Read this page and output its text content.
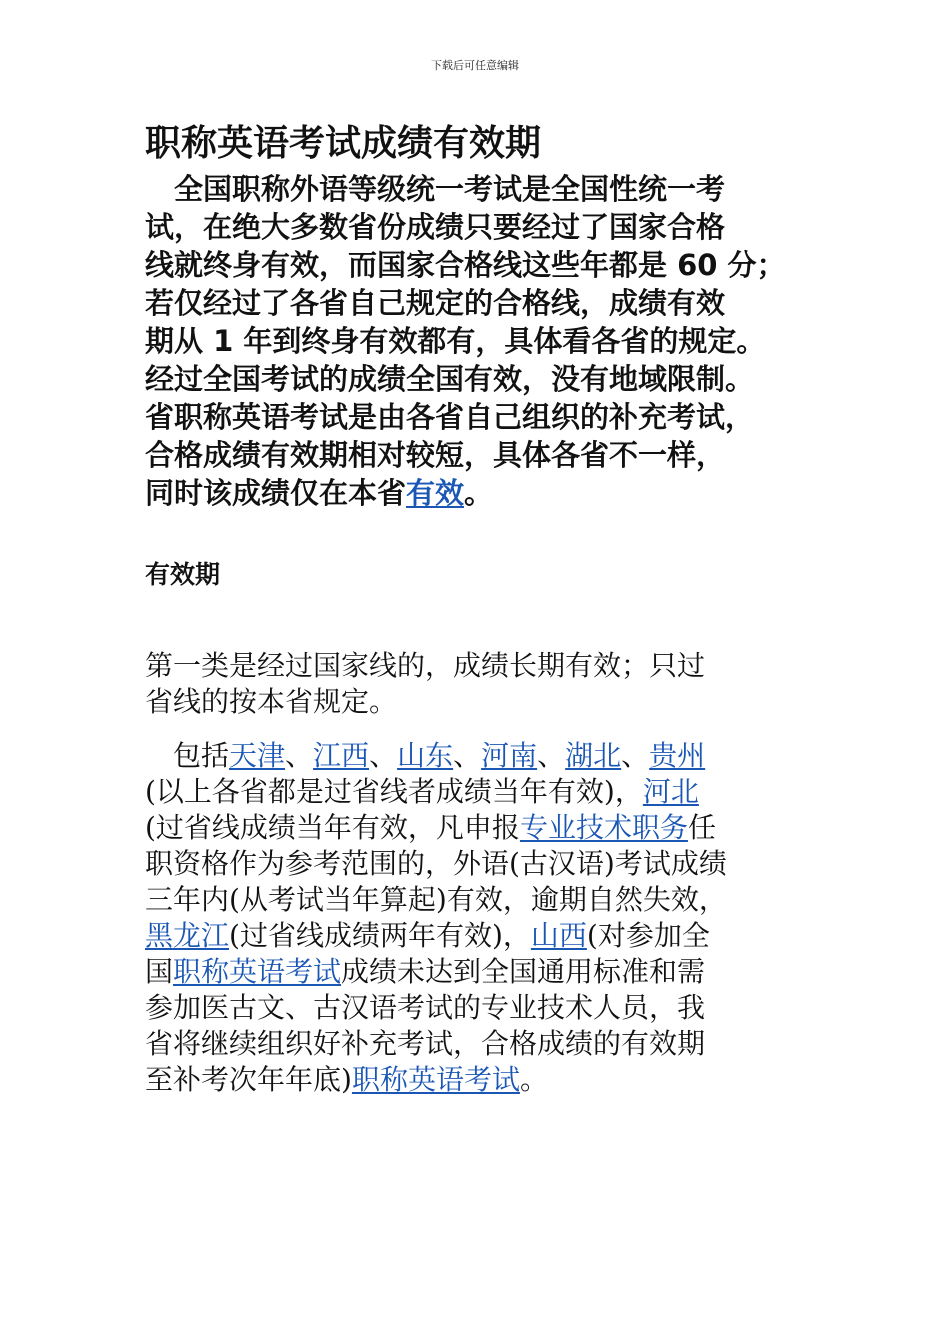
下载后可任意编辑
职称英语考试成绩有效期
　全国职称外语等级统一考试是全国性统一考
试，在绝大多数省份成绩只要经过了国家合格
线就终身有效，而国家合格线这些年都是 60 分；
若仅经过了各省自己规定的合格线，成绩有效
期从 1 年到终身有效都有，具体看各省的规定。
经过全国考试的成绩全国有效，没有地域限制。
省职称英语考试是由各省自己组织的补充考试，
合格成绩有效期相对较短，具体各省不一样，
同时该成绩仅在本省有效。
有效期
第一类是经过国家线的，成绩长期有效；只过
省线的按本省规定。
　包括天津、江西、山东、河南、湖北、贵州
(以上各省都是过省线者成绩当年有效)，河北
(过省线成绩当年有效，凡申报专业技术职务任
职资格作为参考范围的，外语(古汉语)考试成绩
三年内(从考试当年算起)有效，逾期自然失效，
黑龙江(过省线成绩两年有效)，山西(对参加全
国职称英语考试成绩未达到全国通用标准和需
参加医古文、古汉语考试的专业技术人员，我
省将继续组织好补充考试，合格成绩的有效期
至补考次年年底)职称英语考试。
